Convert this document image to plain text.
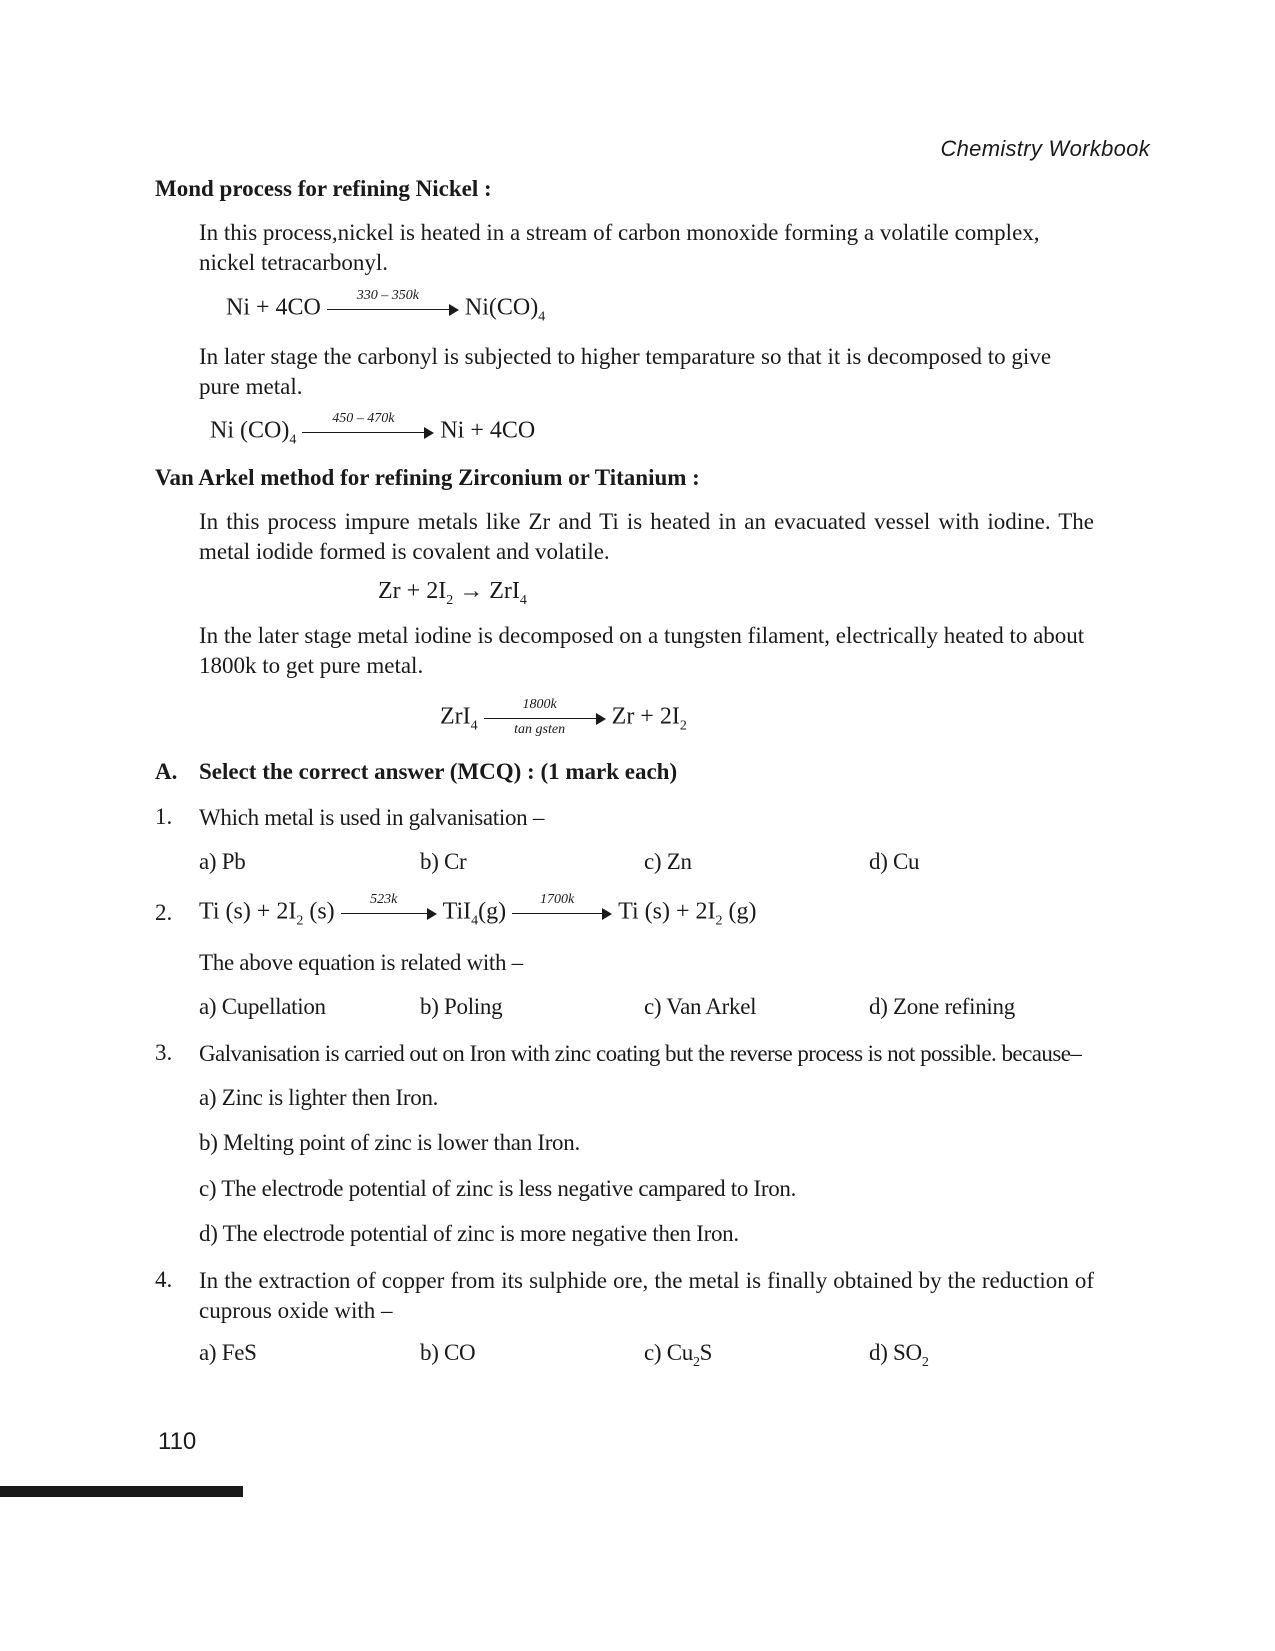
Chemistry Workbook
Mond process for refining Nickel :
In this process,nickel is heated in a stream of carbon monoxide forming a volatile complex, nickel tetracarbonyl.
Ni + 4CO	330 – 350k	$Ni(CO)_4$
In later stage the carbonyl is subjected to higher temparature so that it is decomposed to give pure metal.
Ni $(CO)_4$
450 – 470k	Ni + 4CO
Van Arkel method for refining Zirconium or Titanium :
In this process impure metals like Zr and Ti is heated in an evacuated vessel with iodine. The metal iodide formed is covalent and volatile.
$Zr + 2I_2 \to ZrI_4$
In the later stage metal iodine is decomposed on a tungsten filament, electrically heated to about 1800k to get pure metal.
ZrI$_4$
1800k
tan gsten	$Zr + 2I_2$
A. Select the correct answer (MCQ) : (1 mark each)
1. Which metal is used in galvanisation –
a) Pb	b) Cr	c) Zn	d) Cu
2. Ti $(s) + 2I_2$ (s)	523k	TiI$_4$(g)	1700k	Ti $(s) + 2I_2$ (g)
The above equation is related with –
a) Cupellation	b) Poling	c) Van Arkel	d) Zone refining
3. Galvanisation is carried out on Iron with zinc coating but the reverse process is not possible. because–
a) Zinc is lighter then Iron.
b) Melting point of zinc is lower than Iron.
c) The electrode potential of zinc is less negative campared to Iron.
d) The electrode potential of zinc is more negative then Iron.
4. In the extraction of copper from its sulphide ore, the metal is finally obtained by the reduction of cuprous oxide with –
a) FeS	b) CO	c) $Cu_2S$	d) $SO_2$
110
